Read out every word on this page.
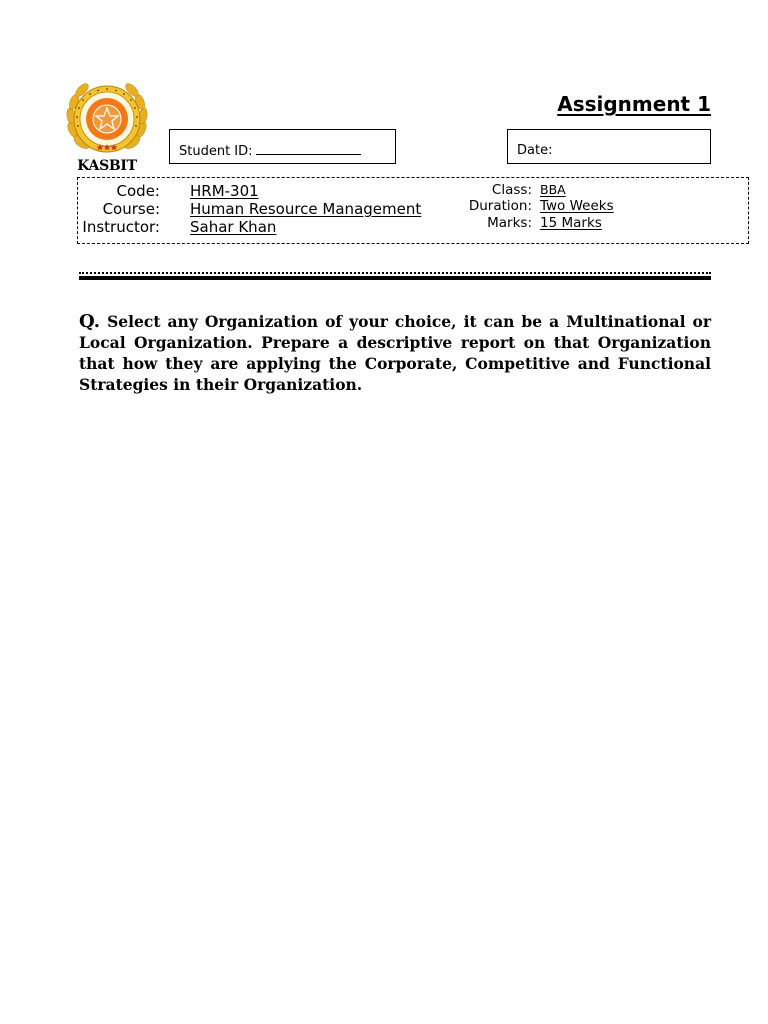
KASBIT
Assignment 1
Student ID:	Date:
Code: HRM-301
Course: Human Resource Management
Instructor: Sahar Khan
Class: BBA
Duration: Two Weeks
Marks: 15 Marks
Q. Select any Organization of your choice, it can be a Multinational or Local Organization. Prepare a descriptive report on that Organization that how they are applying the Corporate, Competitive and Functional Strategies in their Organization.
